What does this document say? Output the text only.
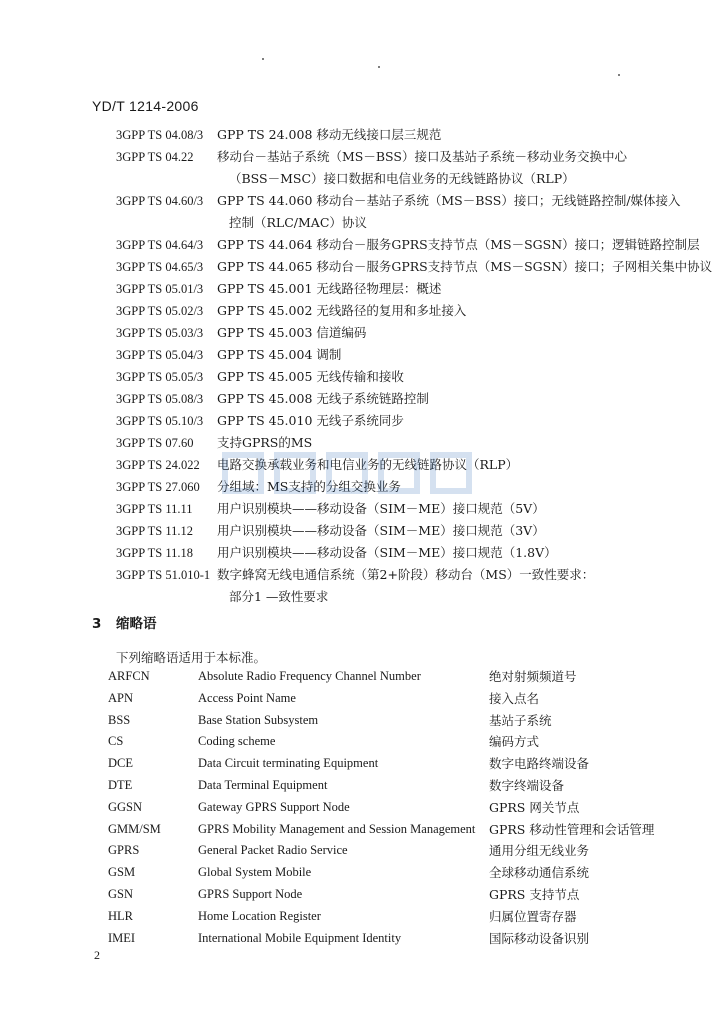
YD/T 1214-2006
3GPP TS 04.08/3	GPP TS 24.008 移动无线接口层三规范
3GPP TS 04.22	移动台－基站子系统（MS－BSS）接口及基站子系统－移动业务交换中心
（BSS－MSC）接口数据和电信业务的无线链路协议（RLP）
3GPP TS 04.60/3	GPP TS 44.060 移动台－基站子系统（MS－BSS）接口；无线链路控制/媒体接入
控制（RLC/MAC）协议
3GPP TS 04.64/3	GPP TS 44.064 移动台－服务GPRS支持节点（MS－SGSN）接口；逻辑链路控制层
3GPP TS 04.65/3	GPP TS 44.065 移动台－服务GPRS支持节点（MS－SGSN）接口；子网相关集中协议
3GPP TS 05.01/3	GPP TS 45.001 无线路径物理层：概述
3GPP TS 05.02/3	GPP TS 45.002 无线路径的复用和多址接入
3GPP TS 05.03/3	GPP TS 45.003 信道编码
3GPP TS 05.04/3	GPP TS 45.004 调制
3GPP TS 05.05/3	GPP TS 45.005 无线传输和接收
3GPP TS 05.08/3	GPP TS 45.008 无线子系统链路控制
3GPP TS 05.10/3	GPP TS 45.010 无线子系统同步
3GPP TS 07.60	支持GPRS的MS
3GPP TS 24.022	电路交换承载业务和电信业务的无线链路协议（RLP）
3GPP TS 27.060	分组域：MS支持的分组交换业务
3GPP TS 11.11	用户识别模块——移动设备（SIM－ME）接口规范（5V）
3GPP TS 11.12	用户识别模块——移动设备（SIM－ME）接口规范（3V）
3GPP TS 11.18	用户识别模块——移动设备（SIM－ME）接口规范（1.8V）
3GPP TS 51.010-1 数字蜂窝无线电通信系统（第2+阶段）移动台（MS）一致性要求：
部分1 —致性要求
3 缩略语
下列缩略语适用于本标准。
ARFCN	Absolute Radio Frequency Channel Number	绝对射频频道号
APN	Access Point Name	接入点名
BSS	Base Station Subsystem	基站子系统
CS	Coding scheme	编码方式
DCE	Data Circuit terminating Equipment	数字电路终端设备
DTE	Data Terminal Equipment	数字终端设备
GGSN	Gateway GPRS Support Node	GPRS 网关节点
GMM/SM	GPRS Mobility Management and Session Management	GPRS 移动性管理和会话管理
GPRS	General Packet Radio Service	通用分组无线业务
GSM	Global System Mobile	全球移动通信系统
GSN	GPRS Support Node	GPRS 支持节点
HLR	Home Location Register	归属位置寄存器
IMEI	International Mobile Equipment Identity	国际移动设备识别
2
